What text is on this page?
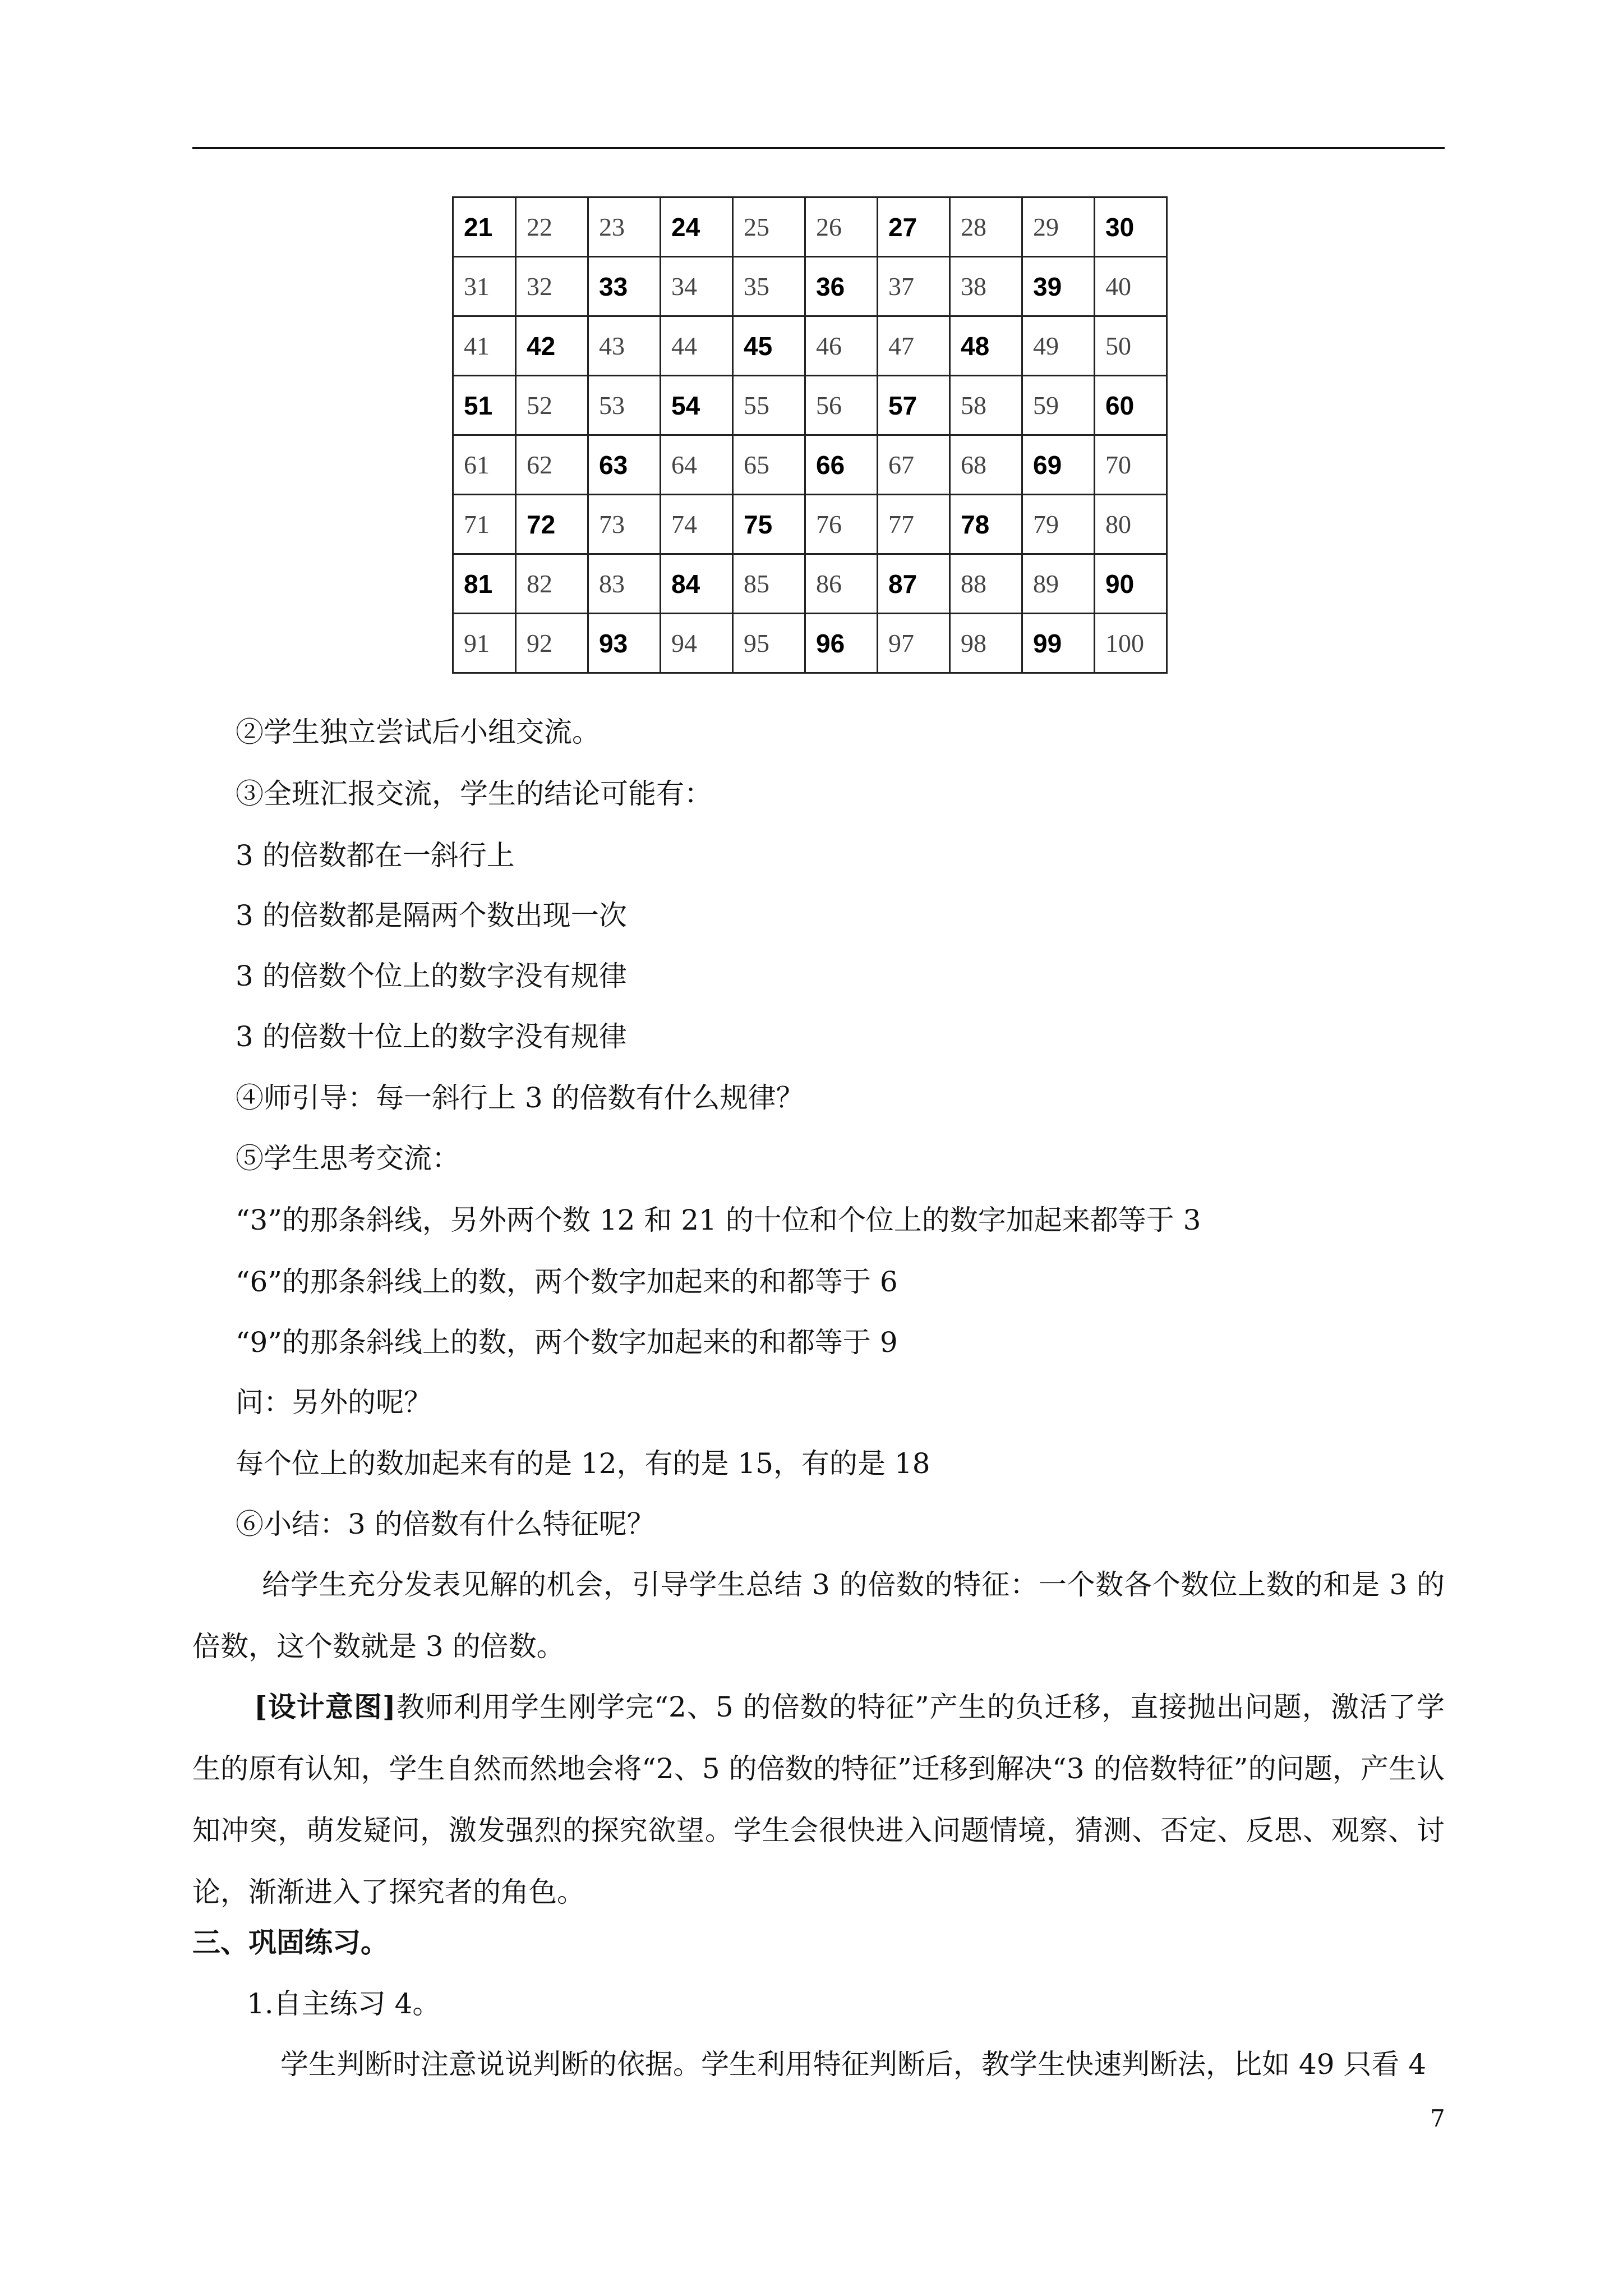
21	22	23	24	25	26	27	28	29	30
31	32	33	34	35	36	37	38	39	40
41	42	43	44	45	46	47	48	49	50
51	52	53	54	55	56	57	58	59	60
61	62	63	64	65	66	67	68	69	70
71	72	73	74	75	76	77	78	79	80
81	82	83	84	85	86	87	88	89	90
91	92	93	94	95	96	97	98	99	100
②学生独立尝试后小组交流。
③全班汇报交流，学生的结论可能有：
3 的倍数都在一斜行上
3 的倍数都是隔两个数出现一次
3 的倍数个位上的数字没有规律
3 的倍数十位上的数字没有规律
④师引导：每一斜行上 3 的倍数有什么规律？
⑤学生思考交流：
“3”的那条斜线，另外两个数 12 和 21 的十位和个位上的数字加起来都等于 3
“6”的那条斜线上的数，两个数字加起来的和都等于 6
“9”的那条斜线上的数，两个数字加起来的和都等于 9
问：另外的呢？
每个位上的数加起来有的是 12，有的是 15，有的是 18
⑥小结：3 的倍数有什么特征呢？
给学生充分发表见解的机会，引导学生总结 3 的倍数的特征：一个数各个数位上数的和是 3 的倍数，这个数就是 3 的倍数。
[设计意图]教师利用学生刚学完“2、5 的倍数的特征”产生的负迁移，直接抛出问题，激活了学生的原有认知，学生自然而然地会将“2、5 的倍数的特征”迁移到解决“3 的倍数特征”的问题，产生认知冲突，萌发疑问，激发强烈的探究欲望。学生会很快进入问题情境，猜测、否定、反思、观察、讨论，渐渐进入了探究者的角色。
三、巩固练习。
1.自主练习 4。
学生判断时注意说说判断的依据。学生利用特征判断后，教学生快速判断法，比如 49 只看 4
7
